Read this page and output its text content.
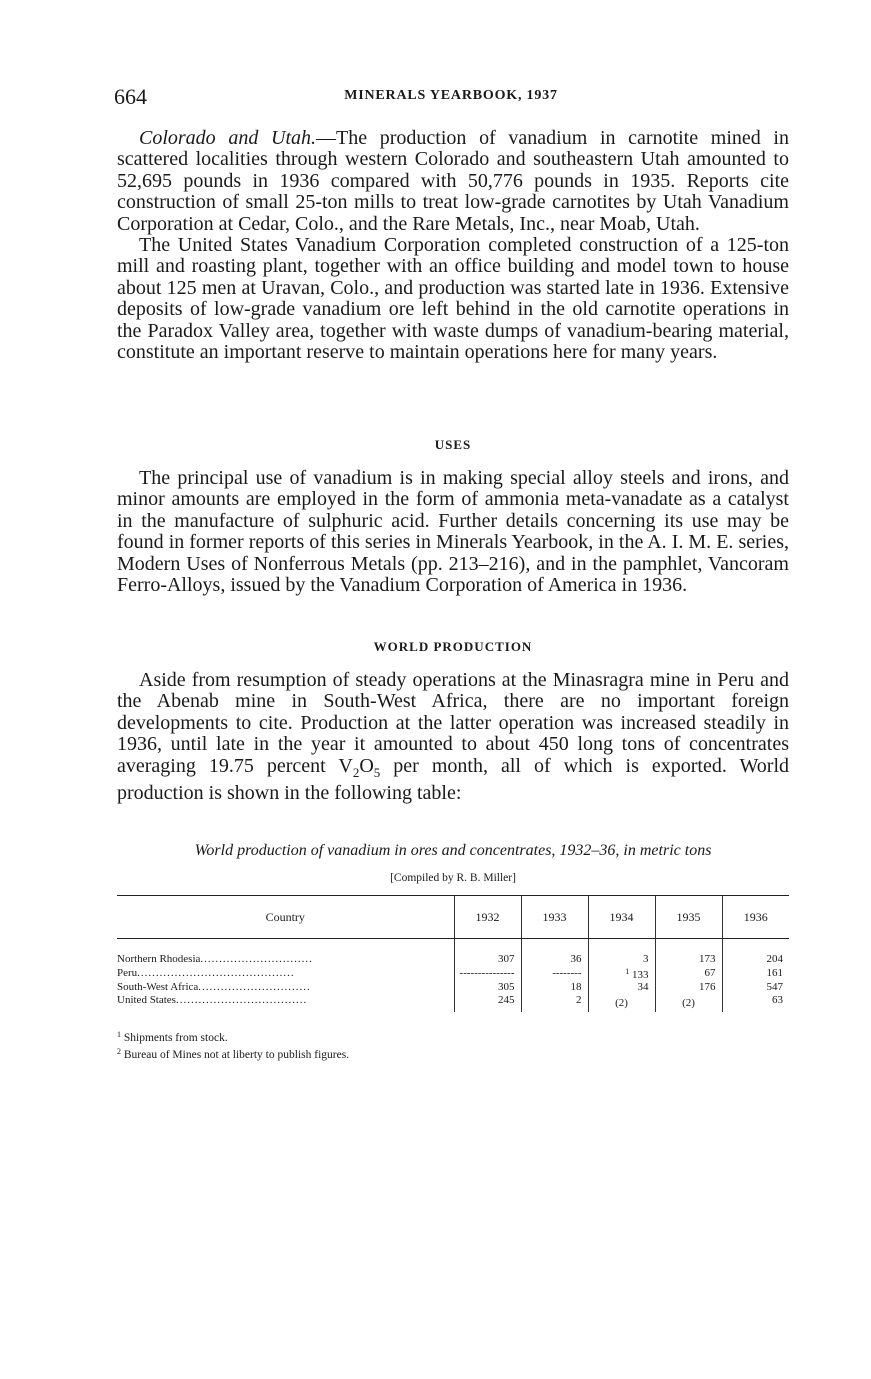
664	MINERALS YEARBOOK, 1937

Colorado and Utah.—The production of vanadium in carnotite mined in scattered localities through western Colorado and southeastern Utah amounted to 52,695 pounds in 1936 compared with 50,776 pounds in 1935. Reports cite construction of small 25-ton mills to treat low-grade carnotites by Utah Vanadium Corporation at Cedar, Colo., and the Rare Metals, Inc., near Moab, Utah.

The United States Vanadium Corporation completed construction of a 125-ton mill and roasting plant, together with an office building and model town to house about 125 men at Uravan, Colo., and production was started late in 1936. Extensive deposits of low-grade vanadium ore left behind in the old carnotite operations in the Paradox Valley area, together with waste dumps of vanadium-bearing material, constitute an important reserve to maintain operations here for many years.

USES

The principal use of vanadium is in making special alloy steels and irons, and minor amounts are employed in the form of ammonia meta-vanadate as a catalyst in the manufacture of sulphuric acid. Further details concerning its use may be found in former reports of this series in Minerals Yearbook, in the A. I. M. E. series, Modern Uses of Nonferrous Metals (pp. 213–216), and in the pamphlet, Vancoram Ferro-Alloys, issued by the Vanadium Corporation of America in 1936.

WORLD PRODUCTION

Aside from resumption of steady operations at the Minasragra mine in Peru and the Abenab mine in South-West Africa, there are no important foreign developments to cite. Production at the latter operation was increased steadily in 1936, until late in the year it amounted to about 450 long tons of concentrates averaging 19.75 percent $V_2O_5$ per month, all of which is exported. World production is shown in the following table:

World production of vanadium in ores and concentrates, 1932–36, in metric tons
[Compiled by R. B. Miller]
Country	1932	1933	1934	1935	1936

Northern Rhodesia..............................	307	36	3	173	204
Peru..........................................	---------------	--------	$^1$ 133	67	161
South-West Africa..............................	305	18	34	176	547
United States...................................	245	2	(2)	(2)	63
$^1$ Shipments from stock.
$^2$ Bureau of Mines not at liberty to publish figures.
